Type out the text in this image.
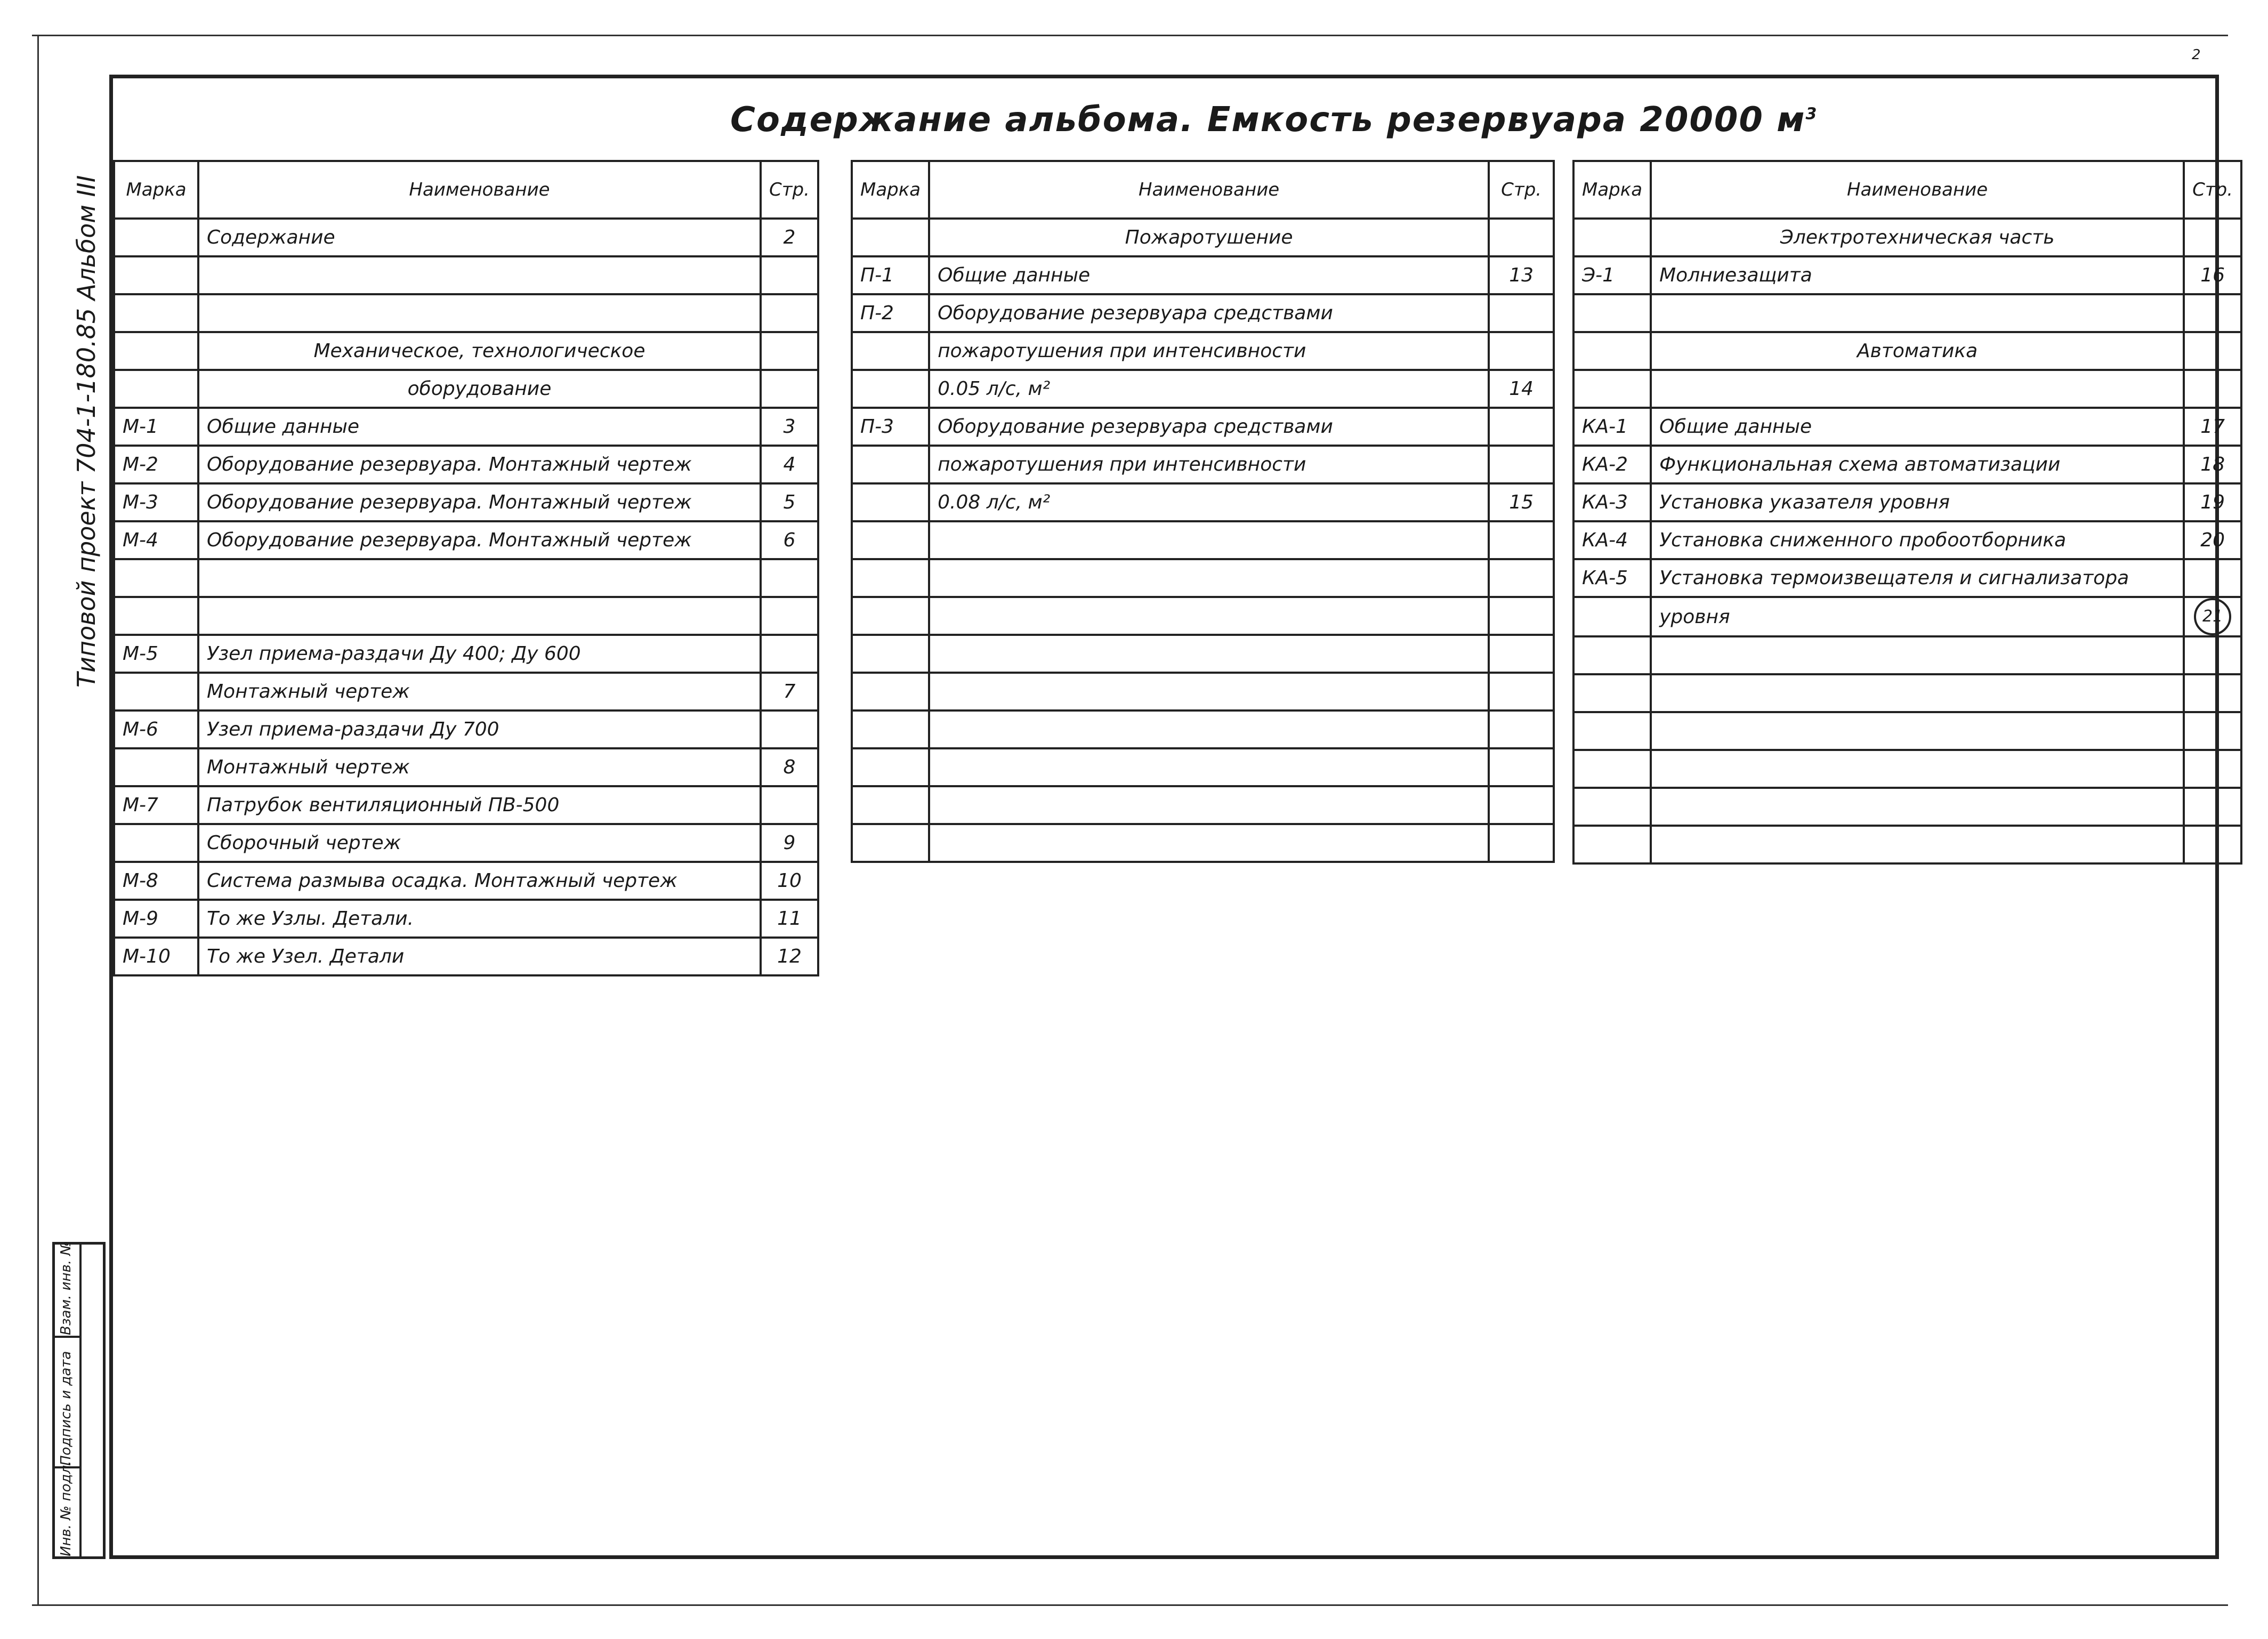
2
Содержание альбома. Емкость резервуара 20000 $м^3$
Типовой проект 704-1-180.85 Альбом III Марка	Наименование	Стр.
	Содержание	2

	Механическое, технологическое	
	оборудование	
М-1	Общие данные	3
М-2	Оборудование резервуара. Монтажный чертеж	4
М-3	Оборудование резервуара. Монтажный чертеж	5
М-4	Оборудование резервуара. Монтажный чертеж	6

М-5	Узел приема-раздачи Ду 400; Ду 600	
	Монтажный чертеж	7
М-6	Узел приема-раздачи Ду 700	
	Монтажный чертеж	8
М-7	Патрубок вентиляционный ПВ-500	
	Сборочный чертеж	9
М-8	Система размыва осадка. Монтажный чертеж	10
М-9	То же Узлы. Детали.	11
М-10	То же Узел. Детали	12
Марка	Наименование	Стр.
	Пожаротушение	
П-1	Общие данные	13
П-2	Оборудование резервуара средствами	
	пожаротушения при интенсивности	
	0.05 л/с, м²	14
П-3	Оборудование резервуара средствами	
	пожаротушения при интенсивности	
	0.08 л/с, м²	15

Марка	Наименование	Стр.
	Электротехническая часть	
Э-1	Молниезащита	16

	Автоматика	

КА-1	Общие данные	17
КА-2	Функциональная схема автоматизации	18
КА-3	Установка указателя уровня	19
КА-4	Установка сниженного пробоотборника	20
КА-5	Установка термоизвещателя и сигнализатора	
	уровня	21

Взам. инв. №
Подпись и дата
Инв. № подл.
